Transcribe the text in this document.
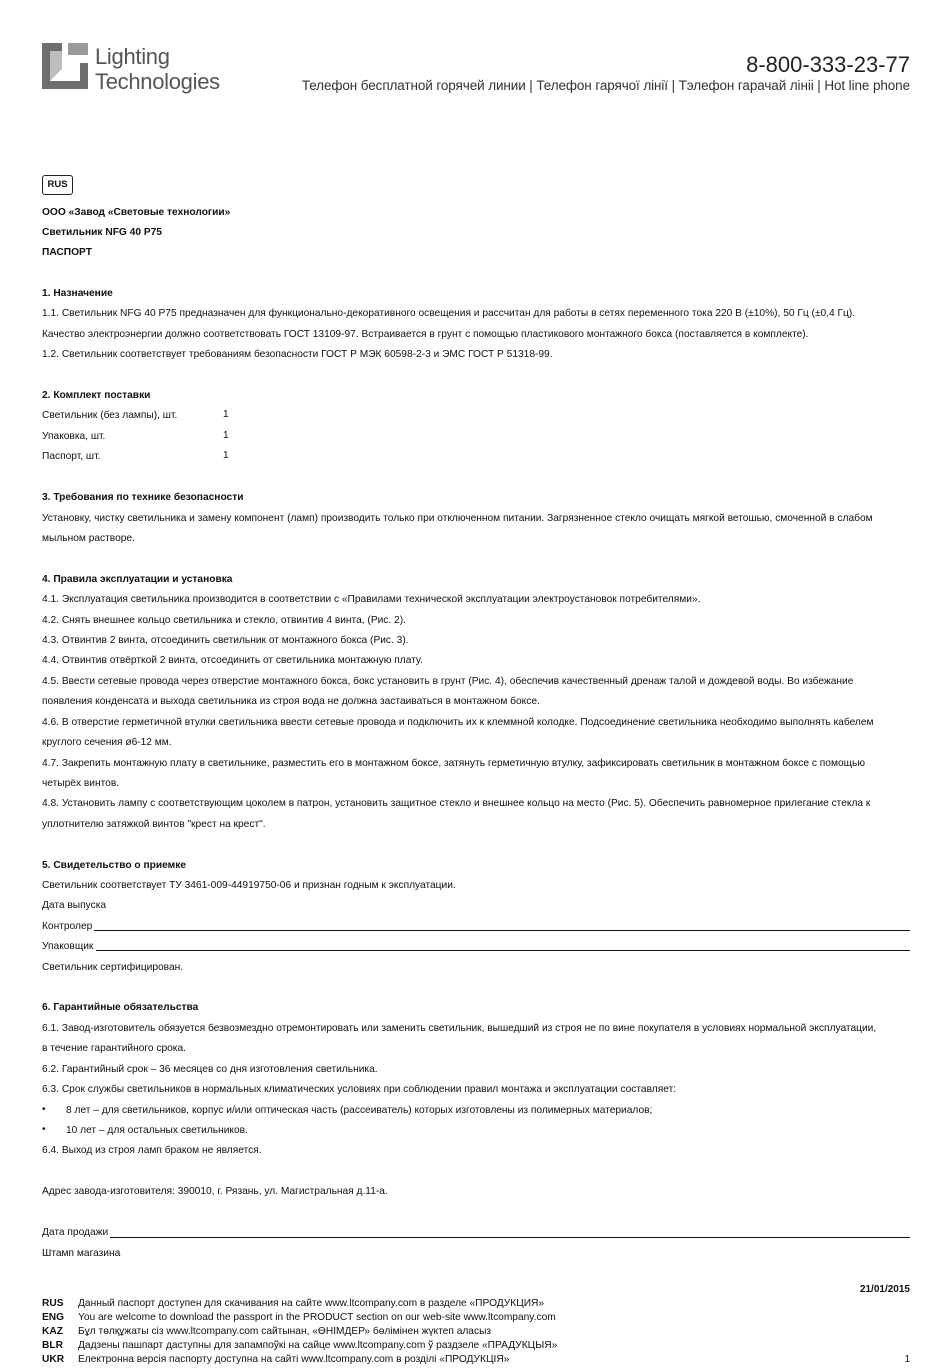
Lighting
Technologies
8-800-333-23-77
Телефон бесплатной горячей линии | Телефон гарячої лінії | Тэлефон гарачай лініі | Hot line phone
RUS
ООО «Завод «Световые технологии»
Светильник NFG 40 P75
ПАСПОРТ
1. Назначение
1.1. Светильник NFG 40 P75 предназначен для функционально-декоративного освещения и рассчитан для работы в сетях переменного тока 220 В (±10%), 50 Гц (±0,4 Гц).
Качество электроэнергии должно соответствовать ГОСТ 13109-97. Встраивается в грунт с помощью пластикового монтажного бокса (поставляется в комплекте).
1.2. Светильник соответствует требованиям безопасности ГОСТ Р МЭК 60598-2-3 и ЭМС ГОСТ Р 51318-99.
2. Комплект поставки
Светильник (без лампы), шт.	1
Упаковка, шт.	1
Паспорт, шт.	1
3. Требования по технике безопасности
Установку, чистку светильника и замену компонент (ламп) производить только при отключенном питании. Загрязненное стекло очищать мягкой ветошью, смоченной в слабом
мыльном растворе.
4. Правила эксплуатации и установка
4.1. Эксплуатация светильника производится в соответствии с «Правилами технической эксплуатации электроустановок потребителями».
4.2. Снять внешнее кольцо светильника и стекло, отвинтив 4 винта, (Рис. 2).
4.3. Отвинтив 2 винта, отсоединить светильник от монтажного бокса (Рис. 3).
4.4. Отвинтив отвёрткой 2 винта, отсоединить от светильника монтажную плату.
4.5. Ввести сетевые провода через отверстие монтажного бокса, бокс установить в грунт (Рис. 4), обеспечив качественный дренаж талой и дождевой воды. Во избежание
появления конденсата и выхода светильника из строя вода не должна застаиваться в монтажном боксе.
4.6. В отверстие герметичной втулки светильника ввести сетевые провода и подключить их к клеммной колодке. Подсоединение светильника необходимо выполнять кабелем
круглого сечения ø6-12 мм.
4.7. Закрепить монтажную плату в светильнике, разместить его в монтажном боксе, затянуть герметичную втулку, зафиксировать светильник в монтажном боксе с помощью
четырёх винтов.
4.8. Установить лампу с соответствующим цоколем в патрон, установить защитное стекло и внешнее кольцо на место (Рис. 5). Обеспечить равномерное прилегание стекла к
уплотнителю затяжкой винтов "крест на крест".
5. Свидетельство о приемке
Светильник соответствует ТУ 3461-009-44919750-06 и признан годным к эксплуатации.
Дата выпуска
Контролер
Упаковщик
Светильник сертифицирован.
6. Гарантийные обязательства
6.1. Завод-изготовитель обязуется безвозмездно отремонтировать или заменить светильник, вышедший из строя не по вине покупателя в условиях нормальной эксплуатации,
в течение гарантийного срока.
6.2. Гарантийный срок – 36 месяцев со дня изготовления светильника.
6.3. Срок службы светильников в нормальных климатических условиях при соблюдении правил монтажа и эксплуатации составляет:
• 8 лет – для светильников, корпус и/или оптическая часть (рассеиватель) которых изготовлены из полимерных материалов;
• 10 лет – для остальных светильников.
6.4. Выход из строя ламп браком не является.
Адрес завода-изготовителя: 390010, г. Рязань, ул. Магистральная д.11-а.
Дата продажи
Штамп магазина
21/01/2015
RUS Данный паспорт доступен для скачивания на сайте www.ltcompany.com в разделе «ПРОДУКЦИЯ»
ENG You are welcome to download the passport in the PRODUCT section on our web-site www.ltcompany.com
KAZ Бұл төлқұжаты сіз www.ltcompany.com сайтынан, «ӨНІМДЕР» бөлімінен жүктеп аласыз
BLR Дадзены пашпарт даступны для запампоўкі на сайце www.ltcompany.com ў раздзеле «ПРАДУКЦЫЯ»
UKR Електронна версія паспорту доступна на сайті www.ltcompany.com в розділі «ПРОДУКЦІЯ»	1
